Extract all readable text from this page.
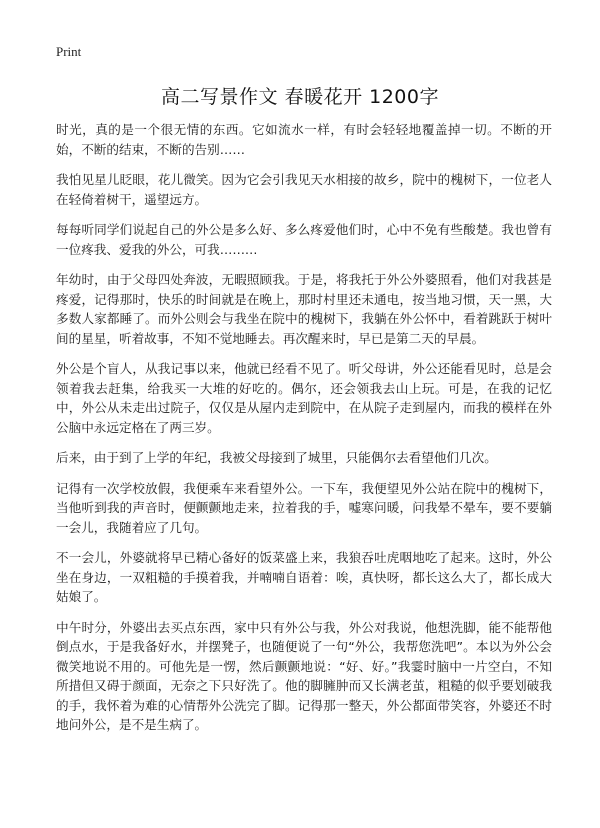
Print
高二写景作文 春暖花开 1200字

时光，真的是一个很无情的东西。它如流水一样，有时会轻轻地覆盖掉一切。不断的开始，不断的结束，不断的告别……

我怕见星儿眨眼，花儿微笑。因为它会引我见天水相接的故乡，院中的槐树下，一位老人在轻倚着树干，遥望远方。

每每听同学们说起自己的外公是多么好、多么疼爱他们时，心中不免有些酸楚。我也曾有一位疼我、爱我的外公，可我………

年幼时，由于父母四处奔波，无暇照顾我。于是，将我托于外公外婆照看，他们对我甚是疼爱，记得那时，快乐的时间就是在晚上，那时村里还未通电，按当地习惯，天一黑，大多数人家都睡了。而外公则会与我坐在院中的槐树下，我躺在外公怀中，看着跳跃于树叶间的星星，听着故事，不知不觉地睡去。再次醒来时，早已是第二天的早晨。

外公是个盲人，从我记事以来，他就已经看不见了。听父母讲，外公还能看见时，总是会领着我去赶集，给我买一大堆的好吃的。偶尔，还会领我去山上玩。可是，在我的记忆中，外公从未走出过院子，仅仅是从屋内走到院中，在从院子走到屋内，而我的模样在外公脑中永远定格在了两三岁。

后来，由于到了上学的年纪，我被父母接到了城里，只能偶尔去看望他们几次。

记得有一次学校放假，我便乘车来看望外公。一下车，我便望见外公站在院中的槐树下，当他听到我的声音时，便颤颤地走来，拉着我的手，嘘寒问暖，问我晕不晕车，要不要躺一会儿，我随着应了几句。

不一会儿，外婆就将早已精心备好的饭菜盛上来，我狼吞吐虎咽地吃了起来。这时，外公坐在身边，一双粗糙的手摸着我，并喃喃自语着：唉，真快呀，都长这么大了，都长成大姑娘了。

中午时分，外婆出去买点东西，家中只有外公与我，外公对我说，他想洗脚，能不能帮他倒点水，于是我备好水，并摆凳子，也随便说了一句“外公，我帮您洗吧”。本以为外公会微笑地说不用的。可他先是一愣，然后颤颤地说：“好、好。”我霎时脑中一片空白，不知所措但又碍于颜面，无奈之下只好洗了。他的脚臃肿而又长满老茧，粗糙的似乎要划破我的手，我怀着为难的心情帮外公洗完了脚。记得那一整天，外公都面带笑容，外婆还不时地问外公，是不是生病了。
